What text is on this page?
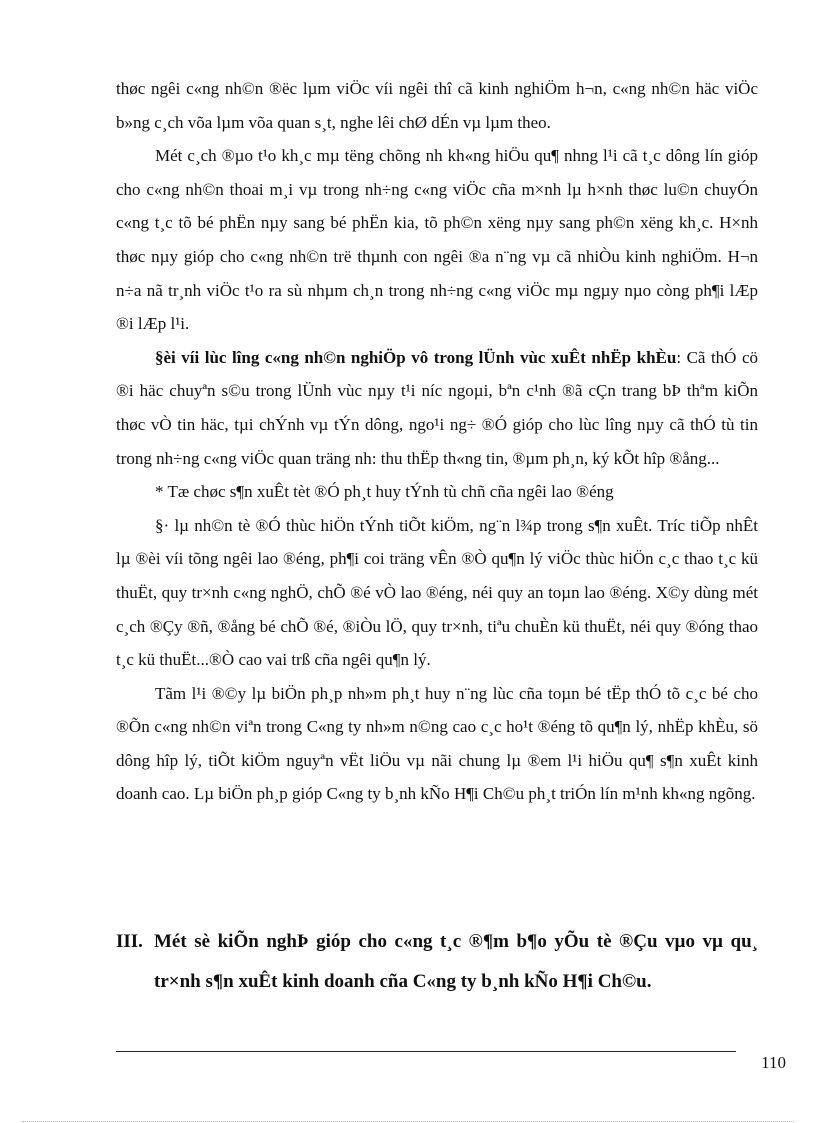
thøc ngêi c«ng nh©n ®ëc lµm viÖc víi ngêi thî cã kinh nghiÖm h¬n, c«ng nh©n häc viÖc b»ng c¸ch võa lµm võa quan s¸t, nghe lêi chØ dÉn vµ lµm theo.

Mét c¸ch ®µo t¹o kh¸c mµ tëng chõng nh kh«ng hiÖu qu¶ nhng l¹i cã t¸c dông lín gióp cho c«ng nh©n thoai m¸i vµ trong nh÷ng c«ng viÖc cña m×nh lµ h×nh thøc lu©n chuyÓn c«ng t¸c tõ bé phËn nµy sang bé phËn kia, tõ ph©n xëng nµy sang ph©n xëng kh¸c. H×nh thøc nµy gióp cho c«ng nh©n trë thµnh con ngêi ®a n¨ng vµ cã nhiÒu kinh nghiÖm. H¬n n÷a nã tr¸nh viÖc t¹o ra sù nhµm ch¸n trong nh÷ng c«ng viÖc mµ ngµy nµo còng ph¶i lÆp ®i lÆp l¹i.

§èi víi lùc lîng c«ng nh©n nghiÖp vô trong lÜnh vùc xuÊt nhËp khÈu: Cã thÓ cö ®i häc chuyªn s©u trong lÜnh vùc nµy t¹i níc ngoµi, bªn c¹nh ®ã cÇn trang bÞ thªm kiÕn thøc vÒ tin häc, tµi chÝnh vµ tÝn dông, ngo¹i ng÷ ®Ó gióp cho lùc lîng nµy cã thÓ tù tin trong nh÷ng c«ng viÖc quan träng nh: thu thËp th«ng tin, ®µm ph¸n, ký kÕt hîp ®ång...

* Tæ chøc s¶n xuÊt tèt ®Ó ph¸t huy tÝnh tù chñ cña ngêi lao ®éng

§· lµ nh©n tè ®Ó thùc hiÖn tÝnh tiÕt kiÖm, ng¨n l¾p trong s¶n xuÊt. Tríc tiÕp nhÊt lµ ®èi víi tõng ngêi lao ®éng, ph¶i coi träng vÊn ®Ò qu¶n lý viÖc thùc hiÖn c¸c thao t¸c kü thuËt, quy tr×nh c«ng nghÖ, chÕ ®é vÒ lao ®éng, néi quy an toµn lao ®éng. X©y dùng mét c¸ch ®Çy ®ñ, ®ång bé chÕ ®é, ®iÒu lÖ, quy tr×nh, tiªu chuÈn kü thuËt, néi quy ®óng thao t¸c kü thuËt...®Ò cao vai trß cña ngêi qu¶n lý.

Tãm l¹i ®©y lµ biÖn ph¸p nh»m ph¸t huy n¨ng lùc cña toµn bé tËp thÓ tõ c¸c bé cho ®Õn c«ng nh©n viªn trong C«ng ty nh»m n©ng cao c¸c ho¹t ®éng tõ qu¶n lý, nhËp khÈu, sö dông hîp lý, tiÕt kiÖm nguyªn vËt liÖu vµ nãi chung lµ ®em l¹i hiÖu qu¶ s¶n xuÊt kinh doanh cao. Lµ biÖn ph¸p gióp C«ng ty b¸nh kÑo H¶i Ch©u ph¸t triÓn lín m¹nh kh«ng ngõng.

III. Mét sè kiÕn nghÞ gióp cho c«ng t¸c ®¶m b¶o yÕu tè ®Çu vµo vµ qu¸ tr×nh s¶n xuÊt kinh doanh cña C«ng ty b¸nh kÑo H¶i Ch©u.
110
